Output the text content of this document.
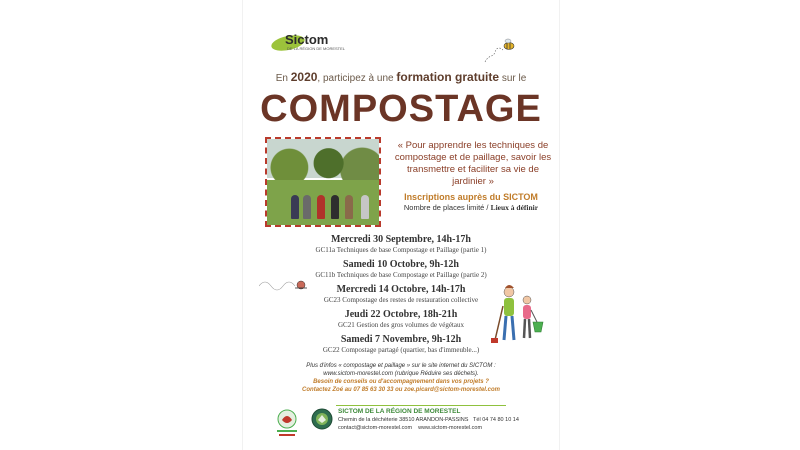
Sictom
DE LA RÉGION DE MORESTEL
En 2020, participez à une formation gratuite sur le
COMPOSTAGE
« Pour apprendre les techniques de compostage et de paillage, savoir les transmettre et faciliter sa vie de jardinier »
Inscriptions auprès du SICTOM
Nombre de places limité / Lieux à définir
Mercredi 30 Septembre, 14h-17h
GC11a Techniques de base Compostage et Paillage (partie 1)
Samedi 10 Octobre, 9h-12h
GC11b Techniques de base Compostage et Paillage (partie 2)
Mercredi 14 Octobre, 14h-17h
GC23 Compostage des restes de restauration collective
Jeudi 22 Octobre, 18h-21h
GC21 Gestion des gros volumes de végétaux
Samedi 7 Novembre, 9h-12h
GC22 Compostage partagé (quartier, bas d'immeuble...)
Plus d'infos « compostage et paillage » sur le site internet du SICTOM :
www.sictom-morestel.com (rubrique Réduire ses déchets).
Besoin de conseils ou d'accompagnement dans vos projets ?
Contactez Zoé au 07 85 63 30 33 ou zoe.picard@sictom-morestel.com
SICTOM DE LA RÉGION DE MORESTEL
Chemin de la déchèterie 38510 ARANDON-PASSINS Tél 04 74 80 10 14
contact@sictom-morestel.com www.sictom-morestel.com
